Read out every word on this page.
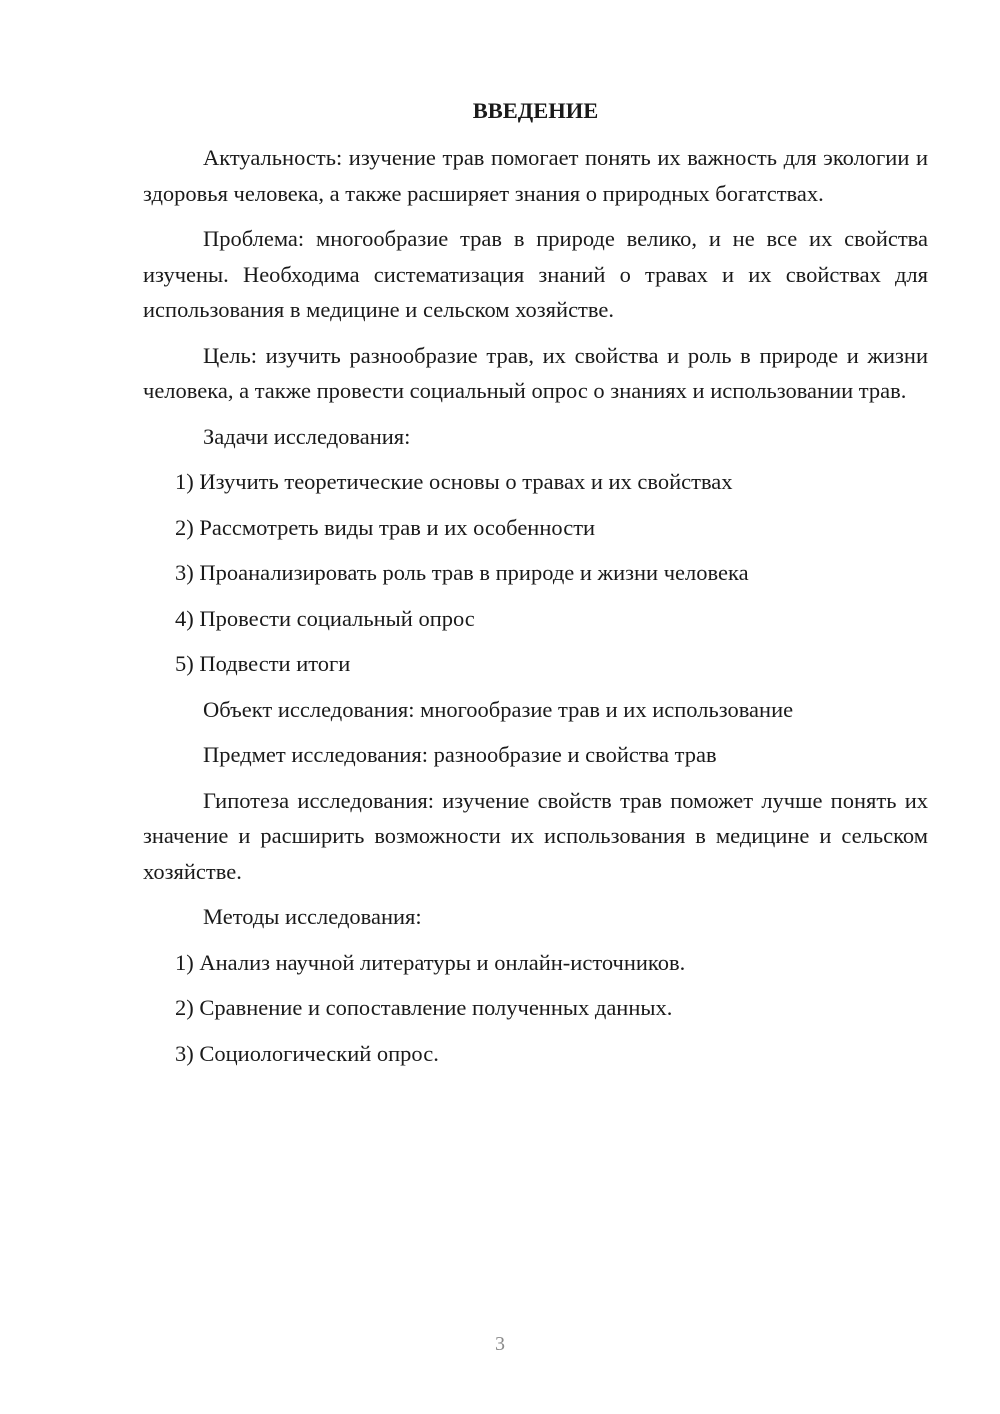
ВВЕДЕНИЕ

Актуальность: изучение трав помогает понять их важность для экологии и здоровья человека, а также расширяет знания о природных богатствах.

Проблема: многообразие трав в природе велико, и не все их свойства изучены. Необходима систематизация знаний о травах и их свойствах для использования в медицине и сельском хозяйстве.

Цель: изучить разнообразие трав, их свойства и роль в природе и жизни человека, а также провести социальный опрос о знаниях и использовании трав.

Задачи исследования:

1) Изучить теоретические основы о травах и их свойствах
2) Рассмотреть виды трав и их особенности
3) Проанализировать роль трав в природе и жизни человека
4) Провести социальный опрос
5) Подвести итоги

Объект исследования: многообразие трав и их использование

Предмет исследования: разнообразие и свойства трав

Гипотеза исследования: изучение свойств трав поможет лучше понять их значение и расширить возможности их использования в медицине и сельском хозяйстве.

Методы исследования:

1) Анализ научной литературы и онлайн-источников.
2) Сравнение и сопоставление полученных данных.
3) Социологический опрос.
3
